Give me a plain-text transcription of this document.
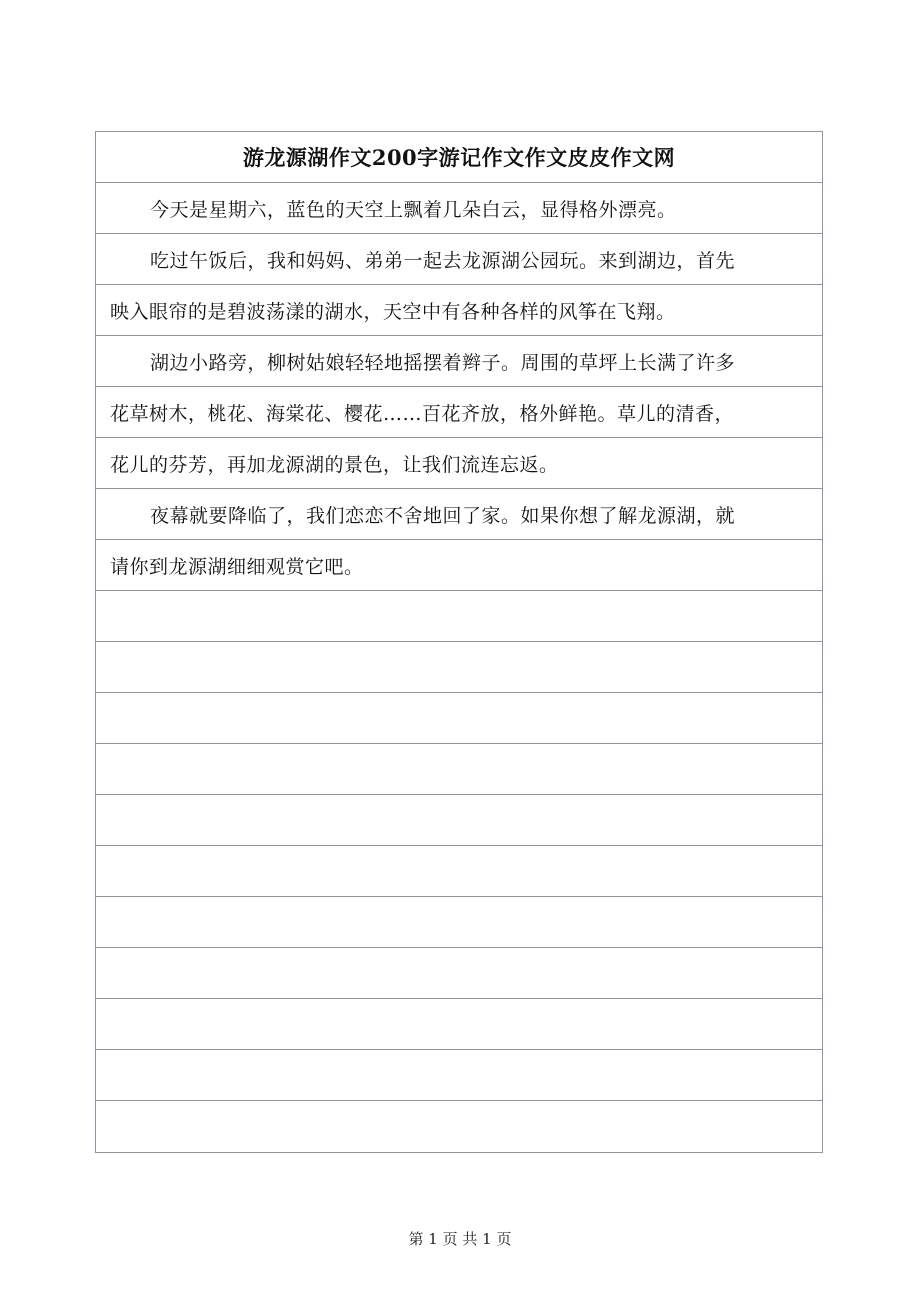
游龙源湖作文200字游记作文作文皮皮作文网
今天是星期六，蓝色的天空上飘着几朵白云，显得格外漂亮。
吃过午饭后，我和妈妈、弟弟一起去龙源湖公园玩。来到湖边，首先
映入眼帘的是碧波荡漾的湖水，天空中有各种各样的风筝在飞翔。
湖边小路旁，柳树姑娘轻轻地摇摆着辫子。周围的草坪上长满了许多
花草树木，桃花、海棠花、樱花……百花齐放，格外鲜艳。草儿的清香，
花儿的芬芳，再加龙源湖的景色，让我们流连忘返。
夜幕就要降临了，我们恋恋不舍地回了家。如果你想了解龙源湖，就
请你到龙源湖细细观赏它吧。
第 1 页 共 1 页
